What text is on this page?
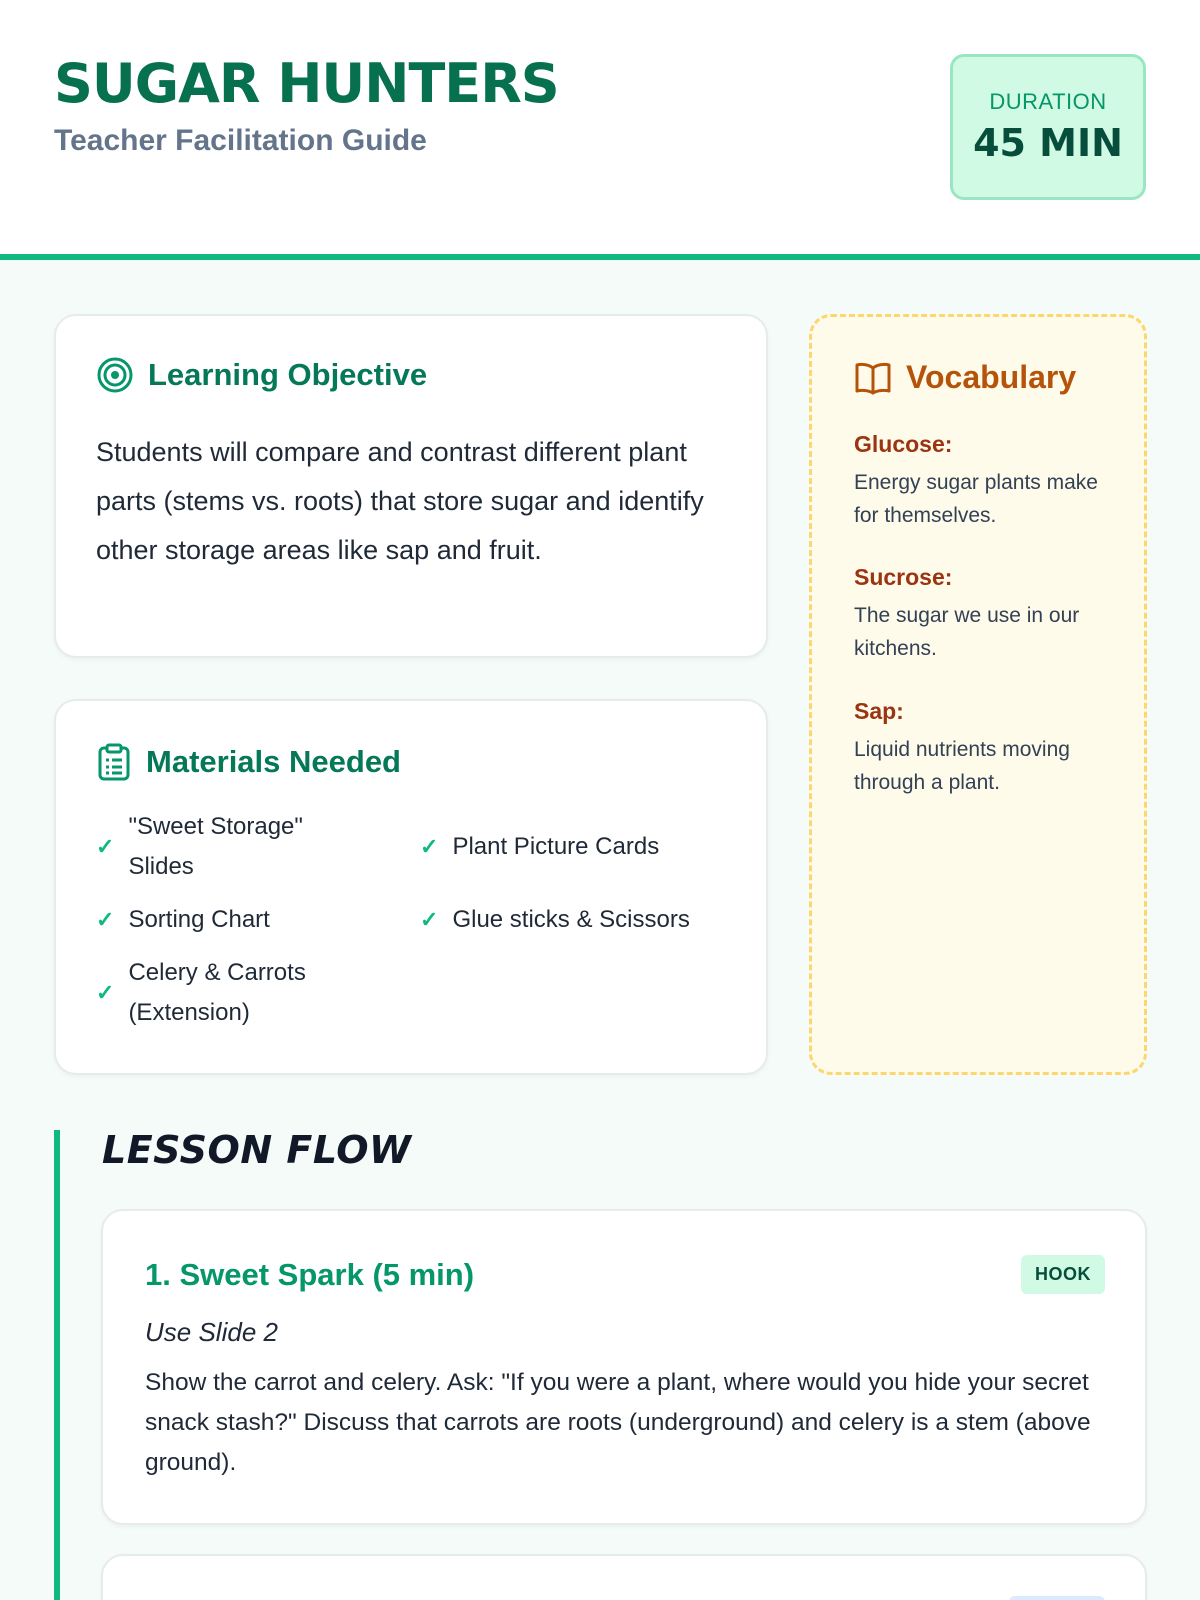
SUGAR HUNTERS
Teacher Facilitation Guide
DURATION
45 MIN
Learning Objective
Students will compare and contrast different plant parts (stems vs. roots) that store sugar and identify other storage areas like sap and fruit.
Materials Needed
✓
"Sweet Storage" Slides
✓ Plant Picture Cards
✓ Sorting Chart	✓ Glue sticks & Scissors
✓
Celery & Carrots (Extension)
Vocabulary
Glucose:
Energy sugar plants make for themselves.
Sucrose:
The sugar we use in our kitchens.
Sap:
Liquid nutrients moving through a plant.
LESSON FLOW
1. Sweet Spark (5 min)	HOOK
Use Slide 2
Show the carrot and celery. Ask: "If you were a plant, where would you hide your secret snack stash?" Discuss that carrots are roots (underground) and celery is a stem (above ground).
